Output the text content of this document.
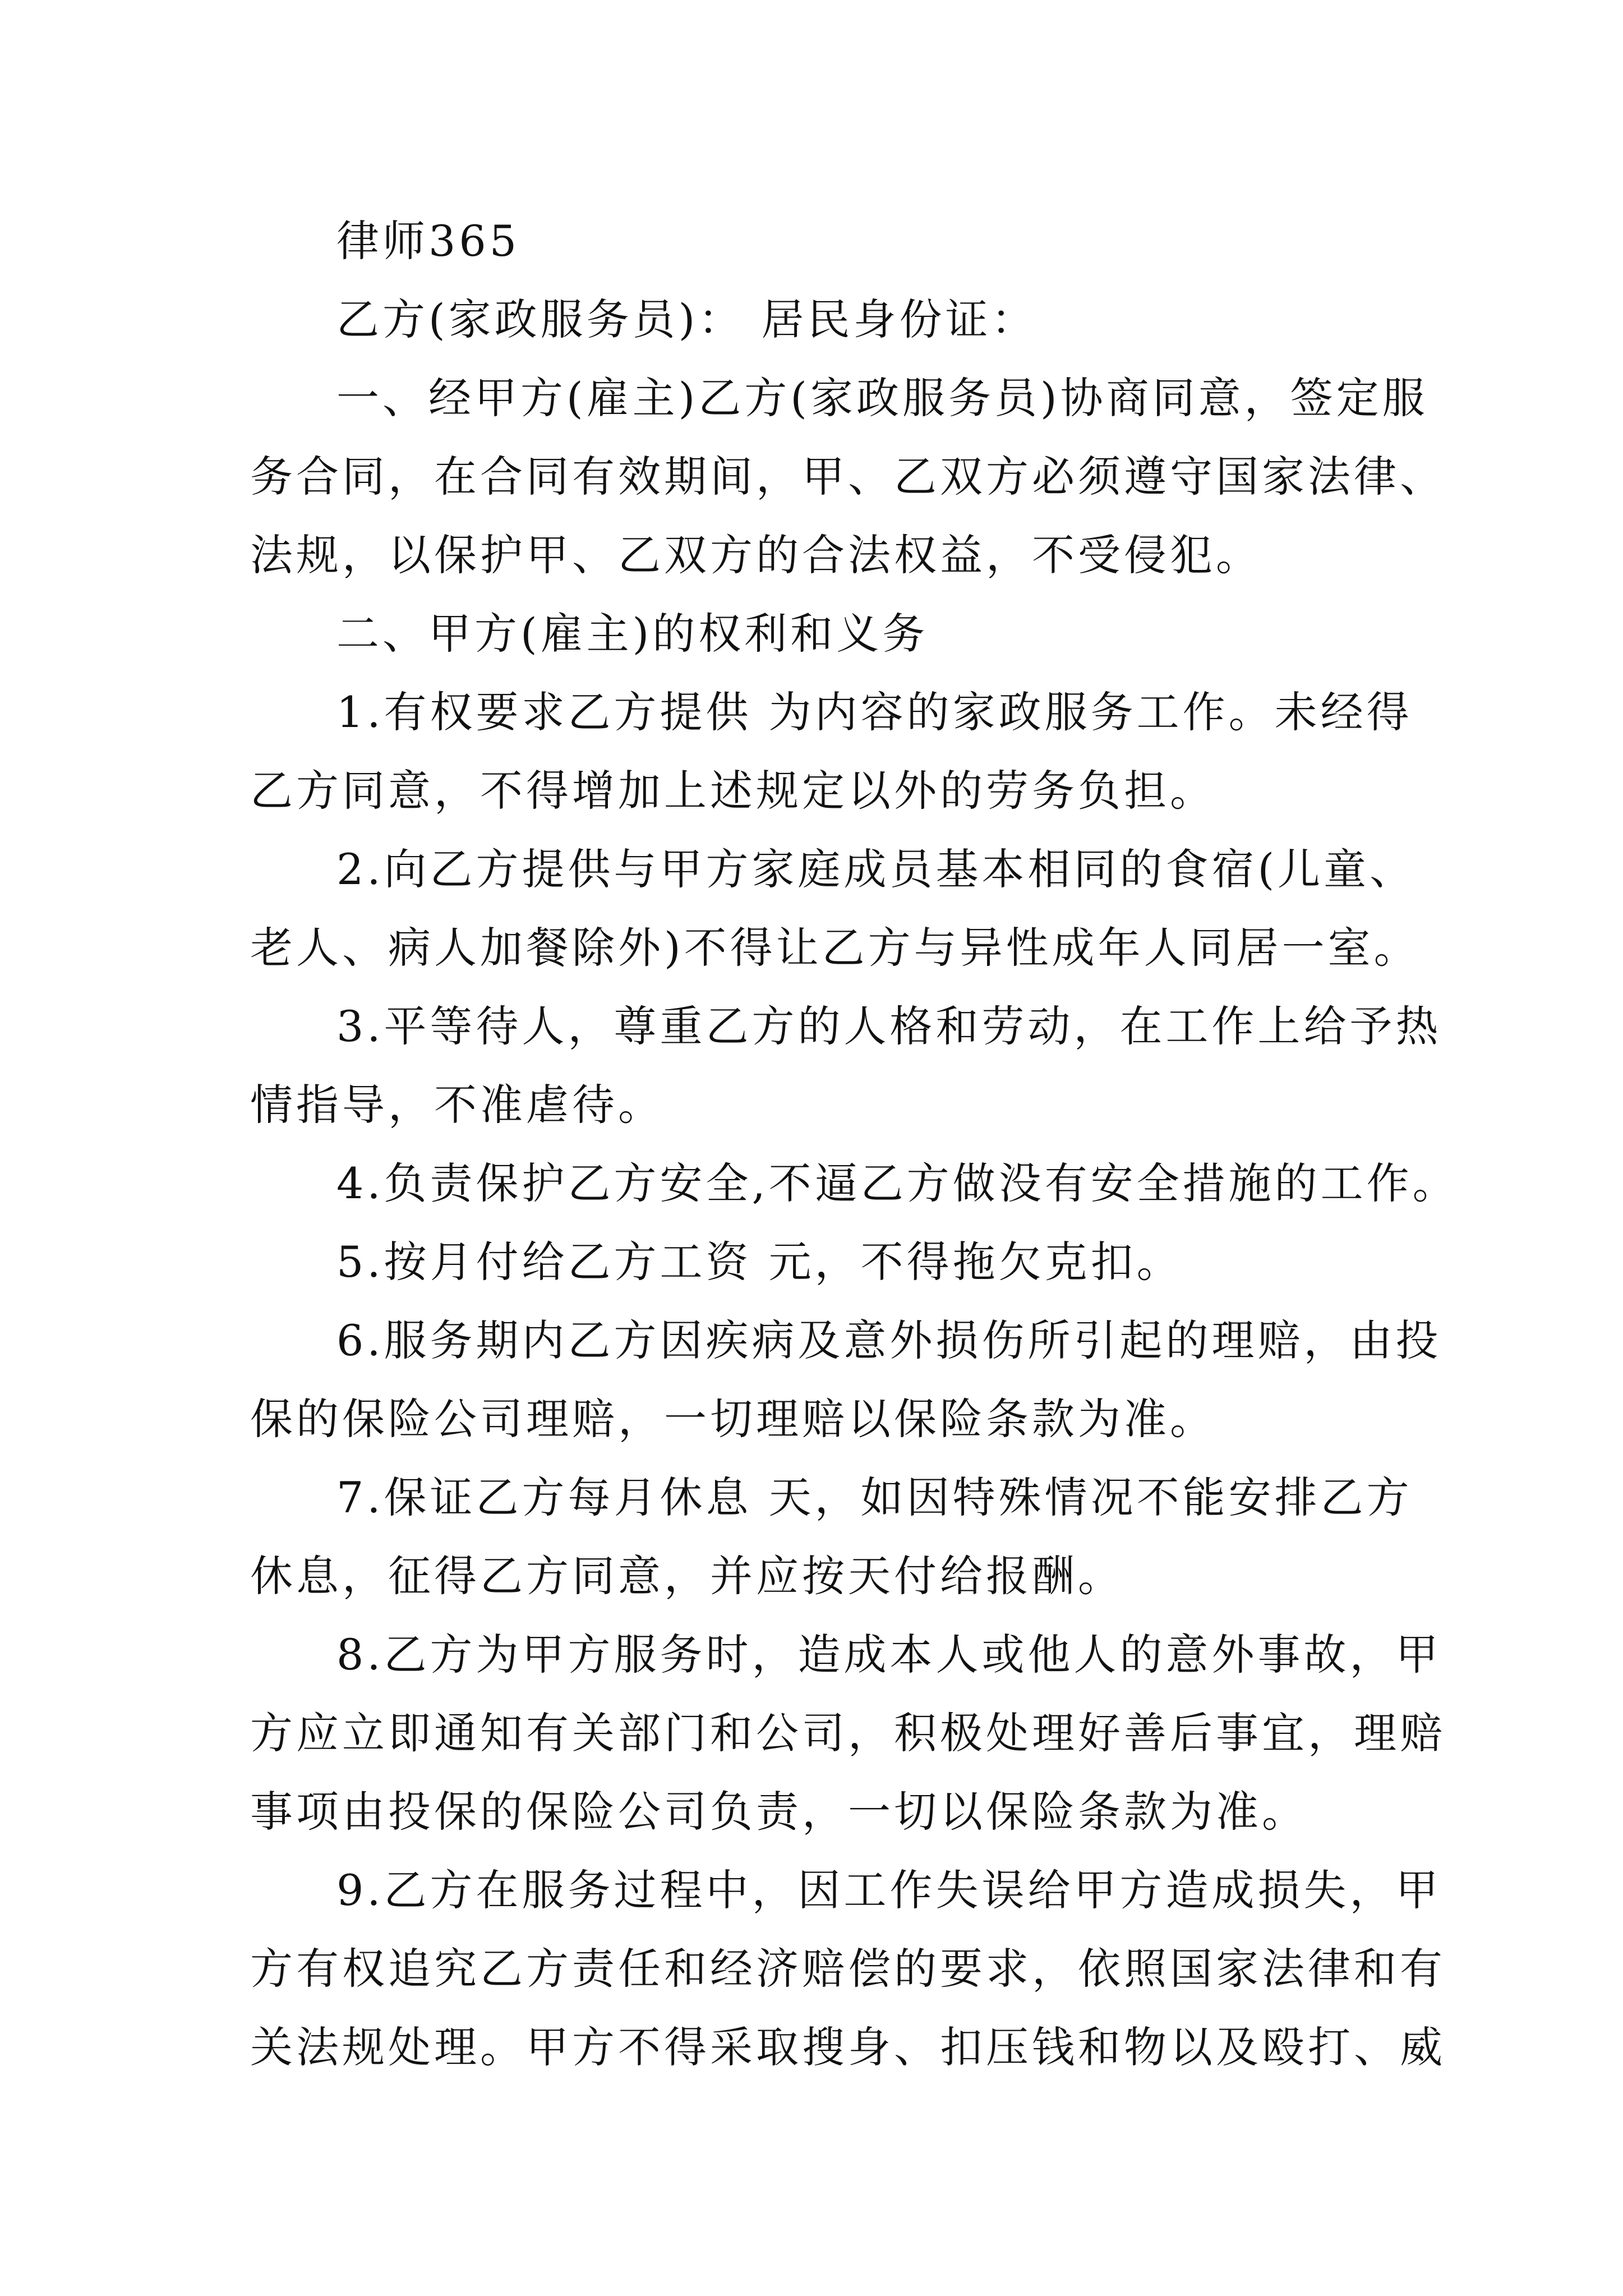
律师365
乙方(家政服务员)： 居民身份证：
一、经甲方(雇主)乙方(家政服务员)协商同意，签定服
务合同，在合同有效期间，甲、乙双方必须遵守国家法律、
法规，以保护甲、乙双方的合法权益，不受侵犯。
二、甲方(雇主)的权利和义务
1.有权要求乙方提供 为内容的家政服务工作。未经得
乙方同意，不得增加上述规定以外的劳务负担。
2.向乙方提供与甲方家庭成员基本相同的食宿(儿童、
老人、病人加餐除外)不得让乙方与异性成年人同居一室。
3.平等待人，尊重乙方的人格和劳动，在工作上给予热
情指导，不准虐待。
4.负责保护乙方安全,不逼乙方做没有安全措施的工作。
5.按月付给乙方工资 元，不得拖欠克扣。
6.服务期内乙方因疾病及意外损伤所引起的理赔，由投
保的保险公司理赔，一切理赔以保险条款为准。
7.保证乙方每月休息 天，如因特殊情况不能安排乙方
休息，征得乙方同意，并应按天付给报酬。
8.乙方为甲方服务时，造成本人或他人的意外事故，甲
方应立即通知有关部门和公司，积极处理好善后事宜，理赔
事项由投保的保险公司负责，一切以保险条款为准。
9.乙方在服务过程中，因工作失误给甲方造成损失，甲
方有权追究乙方责任和经济赔偿的要求，依照国家法律和有
关法规处理。甲方不得采取搜身、扣压钱和物以及殴打、威
